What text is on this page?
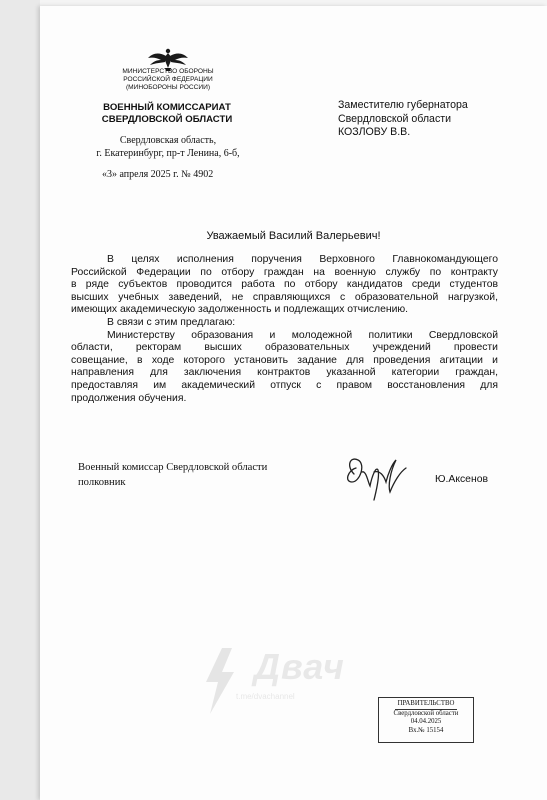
МИНИСТЕРСТВО ОБОРОНЫ
РОССИЙСКОЙ ФЕДЕРАЦИИ
(МИНОБОРОНЫ РОССИИ)
ВОЕННЫЙ КОМИССАРИАТ
СВЕРДЛОВСКОЙ ОБЛАСТИ
Свердловская область,
г. Екатеринбург, пр-т Ленина, 6-б,
«3» апреля 2025 г. № 4902
Заместителю губернатора
Свердловской области
КОЗЛОВУ В.В.
Уважаемый Василий Валерьевич!
В целях исполнения поручения Верховного Главнокомандующего
Российской Федерации по отбору граждан на военную службу по контракту
в ряде субъектов проводится работа по отбору кандидатов среди студентов
высших учебных заведений, не справляющихся с образовательной нагрузкой,
имеющих академическую задолженность и подлежащих отчислению.
В связи с этим предлагаю:
Министерству образования и молодежной политики Свердловской
области, ректорам высших образовательных учреждений провести
совещание, в ходе которого установить задание для проведения агитации и
направления для заключения контрактов указанной категории граждан,
предоставляя им академический отпуск с правом восстановления для
продолжения обучения.
Военный комиссар Свердловской области
полковник	Ю.Аксенов
Двач
t.me/dvachannel
ПРАВИТЕЛЬСТВО
Свердловской области
04.04.2025
Вх.№ 15154
